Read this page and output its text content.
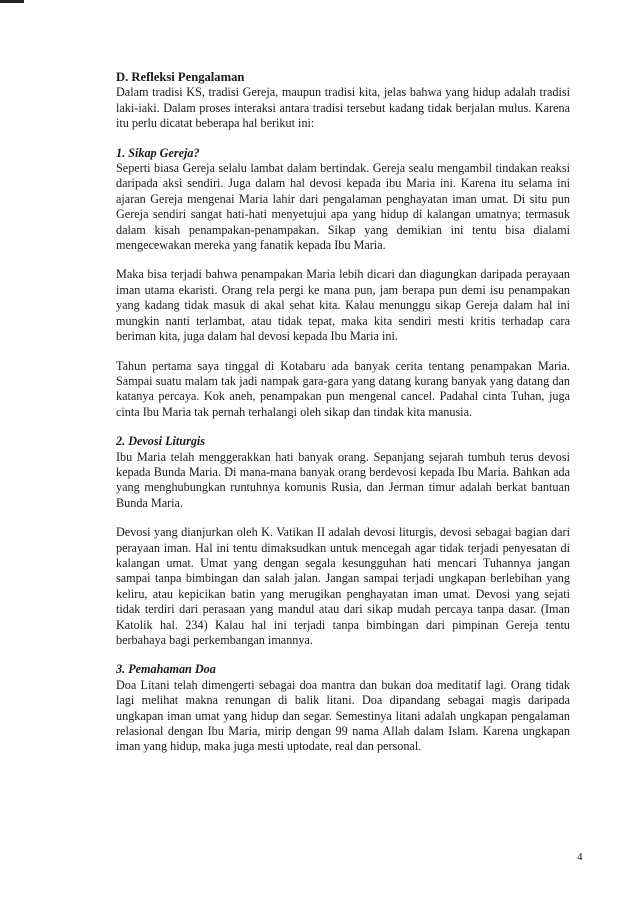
D. Refleksi Pengalaman

Dalam tradisi KS, tradisi Gereja, maupun tradisi kita, jelas bahwa yang hidup adalah tradisi laki-iaki. Dalam proses interaksi antara tradisi tersebut kadang tidak berjalan mulus. Karena itu perlu dicatat beberapa hal berikut ini:

1. Sikap Gereja?

Seperti biasa Gereja selalu lambat dalam bertindak. Gereja sealu mengambil tindakan reaksi daripada aksi sendiri. Juga dalam hal devosi kepada ibu Maria ini. Karena itu selama ini ajaran Gereja mengenai Maria lahir dari pengalaman penghayatan iman umat. Di situ pun Gereja sendiri sangat hati-hati menyetujui apa yang hidup di kalangan umatnya; termasuk dalam kisah penampakan-penampakan. Sikap yang demikian ini tentu bisa dialami mengecewakan mereka yang fanatik kepada Ibu Maria.

Maka bisa terjadi bahwa penampakan Maria lebih dicari dan diagungkan daripada perayaan iman utama ekaristi. Orang rela pergi ke mana pun, jam berapa pun demi isu penampakan yang kadang tidak masuk di akal sehat kita. Kalau menunggu sikap Gereja dalam hal ini mungkin nanti terlambat, atau tidak tepat, maka kita sendiri mesti kritis terhadap cara beriman kita, juga dalam hal devosi kepada Ibu Maria ini.

Tahun pertama saya tinggal di Kotabaru ada banyak cerita tentang penampakan Maria. Sampai suatu malam tak jadi nampak gara-gara yang datang kurang banyak yang datang dan katanya percaya. Kok aneh, penampakan pun mengenal cancel. Padahal cinta Tuhan, juga cinta Ibu Maria tak pernah terhalangi oleh sikap dan tindak kita manusia.

2. Devosi Liturgis

Ibu Maria telah menggerakkan hati banyak orang. Sepanjang sejarah tumbuh terus devosi kepada Bunda Maria. Di mana-mana banyak orang berdevosi kepada Ibu Maria. Bahkan ada yang menghubungkan runtuhnya komunis Rusia, dan Jerman timur adalah berkat bantuan Bunda Maria.

Devosi yang dianjurkan oleh K. Vatikan II adalah devosi liturgis, devosi sebagai bagian dari perayaan iman. Hal ini tentu dimaksudkan untuk mencegah agar tidak terjadi penyesatan di kalangan umat. Umat yang dengan segala kesungguhan hati mencari Tuhannya jangan sampai tanpa bimbingan dan salah jalan. Jangan sampai terjadi ungkapan berlebihan yang keliru, atau kepicikan batin yang merugikan penghayatan iman umat. Devosi yang sejati tidak terdiri dari perasaan yang mandul atau dari sikap mudah percaya tanpa dasar. (Iman Katolik hal. 234) Kalau hal ini terjadi tanpa bimbingan dari pimpinan Gereja tentu berbahaya bagi perkembangan imannya.

3. Pemahaman Doa

Doa Litani telah dimengerti sebagai doa mantra dan bukan doa meditatif lagi. Orang tidak lagi melihat makna renungan di balik litani. Doa dipandang sebagai magis daripada ungkapan iman umat yang hidup dan segar. Semestinya litani adalah ungkapan pengalaman relasional dengan Ibu Maria, mirip dengan 99 nama Allah dalam Islam. Karena ungkapan iman yang hidup, maka juga mesti uptodate, real dan personal.

4
